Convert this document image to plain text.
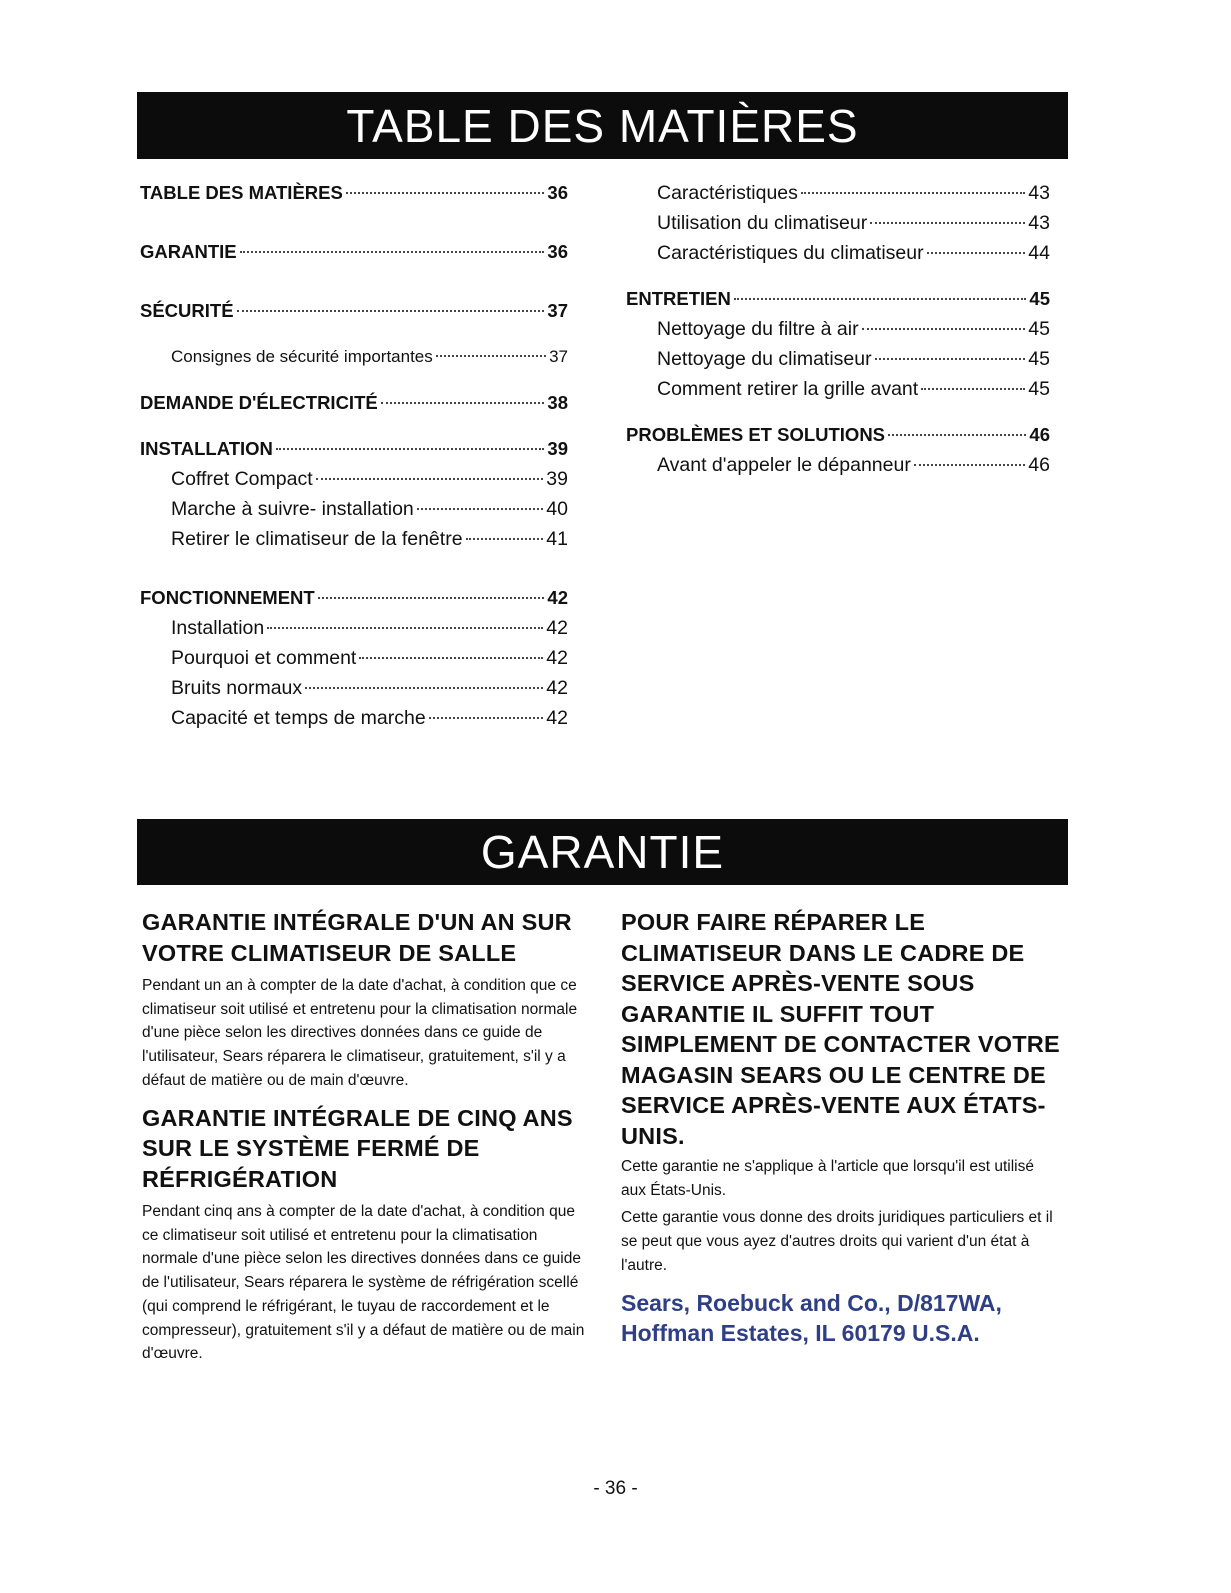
TABLE DES MATIÈRES
TABLE DES MATIÈRES	36
GARANTIE	36
SÉCURITÉ	37
Consignes de sécurité importantes	37
DEMANDE D'ÉLECTRICITÉ	38
INSTALLATION	39
Coffret Compact	39
Marche à suivre- installation	40
Retirer le climatiseur de la fenêtre	41
FONCTIONNEMENT	42
Installation	42
Pourquoi et comment	42
Bruits normaux	42
Capacité et temps de marche	42
Caractéristiques	43
Utilisation du climatiseur	43
Caractéristiques du climatiseur	44
ENTRETIEN	45
Nettoyage du filtre à air	45
Nettoyage du climatiseur	45
Comment retirer la grille avant	45
PROBLÈMES ET SOLUTIONS	46
Avant d'appeler le dépanneur	46
GARANTIE
GARANTIE INTÉGRALE D'UN AN SUR VOTRE CLIMATISEUR DE SALLE

Pendant un an à compter de la date d'achat, à condition que ce climatiseur soit utilisé et entretenu pour la climatisation normale d'une pièce selon les directives données dans ce guide de l'utilisateur, Sears réparera le climatiseur, gratuitement, s'il y a défaut de matière ou de main d'œuvre.

GARANTIE INTÉGRALE DE CINQ ANS SUR LE SYSTÈME FERMÉ DE RÉFRIGÉRATION

Pendant cinq ans à compter de la date d'achat, à condition que ce climatiseur soit utilisé et entretenu pour la climatisation normale d'une pièce selon les directives données dans ce guide de l'utilisateur, Sears réparera le système de réfrigération scellé (qui comprend le réfrigérant, le tuyau de raccordement et le compresseur), gratuitement s'il y a défaut de matière ou de main d'œuvre.

POUR FAIRE RÉPARER LE CLIMATISEUR DANS LE CADRE DE SERVICE APRÈS-VENTE SOUS GARANTIE IL SUFFIT TOUT SIMPLEMENT DE CONTACTER VOTRE MAGASIN SEARS OU LE CENTRE DE SERVICE APRÈS-VENTE AUX ÉTATS-UNIS.

Cette garantie ne s'applique à l'article que lorsqu'il est utilisé aux États-Unis.

Cette garantie vous donne des droits juridiques particuliers et il se peut que vous ayez d'autres droits qui varient d'un état à l'autre.

Sears, Roebuck and Co., D/817WA,
Hoffman Estates, IL 60179 U.S.A.
- 36 -
